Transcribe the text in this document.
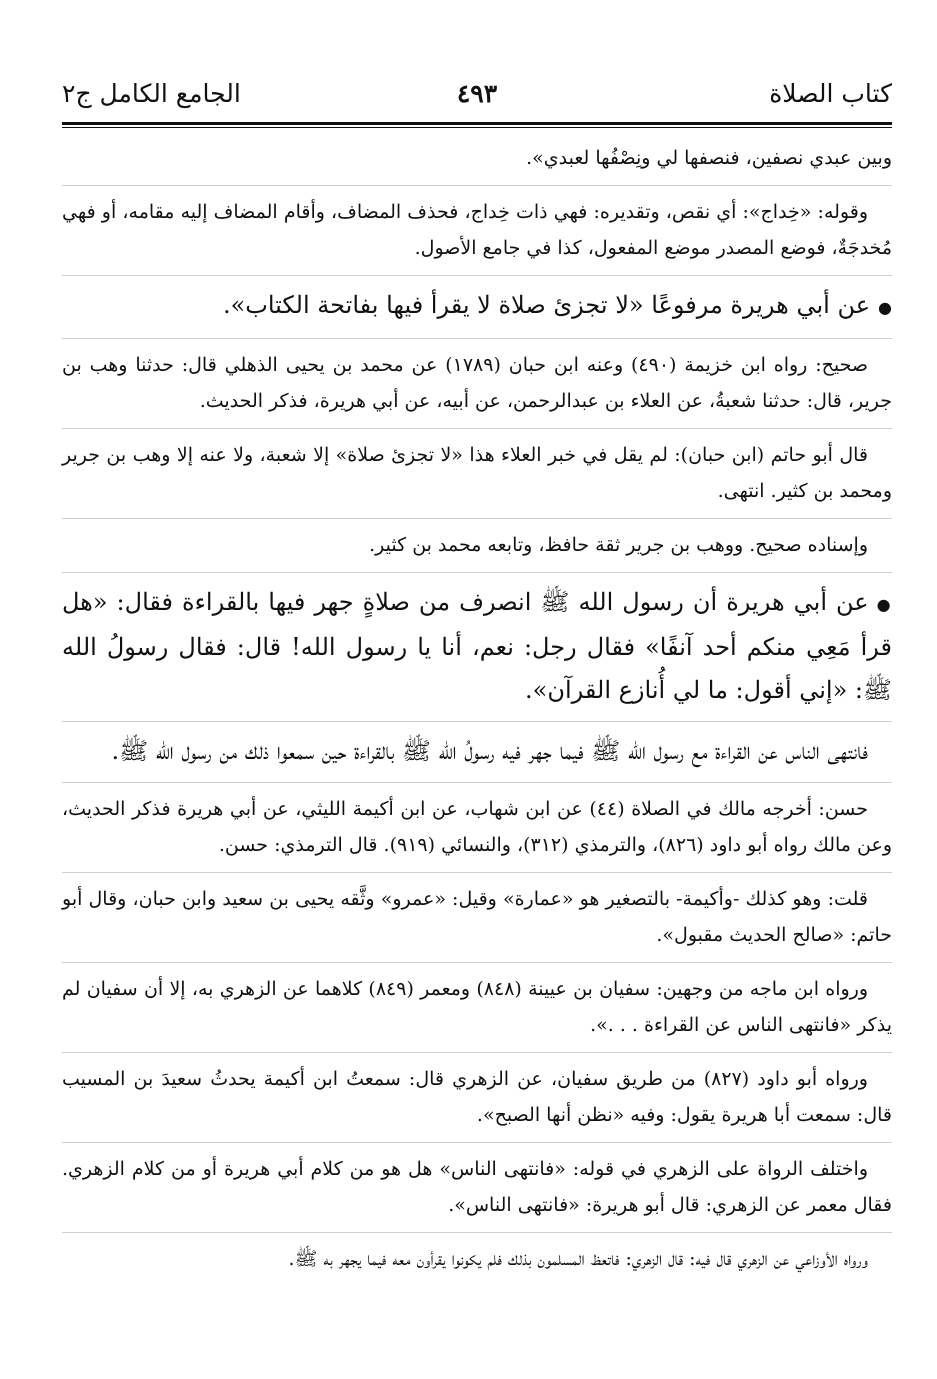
كتاب الصلاة
٤٩٣
الجامع الكامل ج٢

وبين عبدي نصفين، فنصفها لي ونِصْفُها لعبدي».

وقوله: «خِداج»: أي نقص، وتقديره: فهي ذات خِداج، فحذف المضاف، وأقام المضاف إليه مقامه، أو فهي مُخدجَةٌ، فوضع المصدر موضع المفعول، كذا في جامع الأصول.

●عن أبي هريرة مرفوعًا «لا تجزئ صلاة لا يقرأ فيها بفاتحة الكتاب».

صحيح: رواه ابن خزيمة (٤٩٠) وعنه ابن حبان (١٧٨٩) عن محمد بن يحيى الذهلي قال: حدثنا وهب بن جرير، قال: حدثنا شعبةُ، عن العلاء بن عبدالرحمن، عن أبيه، عن أبي هريرة، فذكر الحديث.

قال أبو حاتم (ابن حبان): لم يقل في خبر العلاء هذا «لا تجزئ صلاة» إلا شعبة، ولا عنه إلا وهب بن جرير ومحمد بن كثير. انتهى.

وإسناده صحيح. ووهب بن جرير ثقة حافظ، وتابعه محمد بن كثير.

●عن أبي هريرة أن رسول الله ﷺ انصرف من صلاةٍ جهر فيها بالقراءة فقال: «هل قرأ مَعِي منكم أحد آنفًا» فقال رجل: نعم، أنا يا رسول الله! قال: فقال رسولُ الله ﷺ: «إني أقول: ما لي أُنازع القرآن».

فانتهى الناس عن القراءة مع رسول الله ﷺ فيما جهر فيه رسولُ الله ﷺ بالقراءة حين سمعوا ذلك من رسول الله ﷺ.

حسن: أخرجه مالك في الصلاة (٤٤) عن ابن شهاب، عن ابن أكيمة الليثي، عن أبي هريرة فذكر الحديث، وعن مالك رواه أبو داود (٨٢٦)، والترمذي (٣١٢)، والنسائي (٩١٩). قال الترمذي: حسن.

قلت: وهو كذلك -وأكيمة- بالتصغير هو «عمارة» وقيل: «عمرو» وثَّقه يحيى بن سعيد وابن حبان، وقال أبو حاتم: «صالح الحديث مقبول».

ورواه ابن ماجه من وجهين: سفيان بن عيينة (٨٤٨) ومعمر (٨٤٩) كلاهما عن الزهري به، إلا أن سفيان لم يذكر «فانتهى الناس عن القراءة . . .».

ورواه أبو داود (٨٢٧) من طريق سفيان، عن الزهري قال: سمعتُ ابن أكيمة يحدثُ سعيدَ بن المسيب قال: سمعت أبا هريرة يقول: وفيه «نظن أنها الصبح».

واختلف الرواة على الزهري في قوله: «فانتهى الناس» هل هو من كلام أبي هريرة أو من كلام الزهري. فقال معمر عن الزهري: قال أبو هريرة: «فانتهى الناس».

ورواه الأوزاعي عن الزهري قال فيه: قال الزهري: فاتعظ المسلمون بذلك فلم يكونوا يقرأون معه فيما يجهر به ﷺ.
